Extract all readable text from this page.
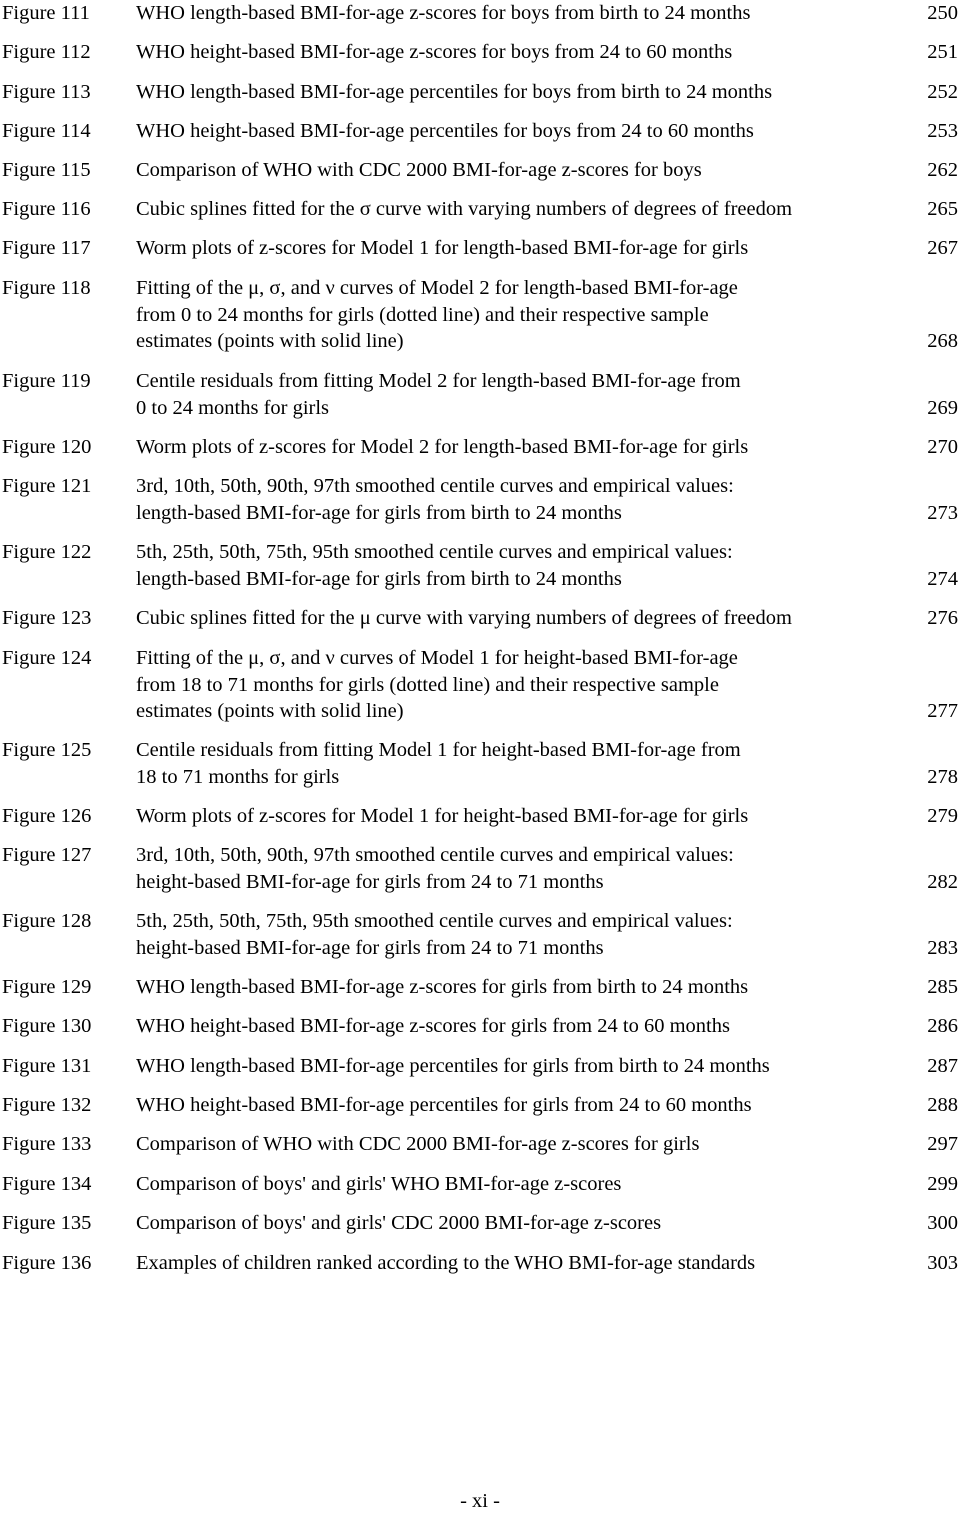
Figure 111 WHO length-based BMI-for-age z-scores for boys from birth to 24 months	250
Figure 112 WHO height-based BMI-for-age z-scores for boys from 24 to 60 months	251
Figure 113 WHO length-based BMI-for-age percentiles for boys from birth to 24 months	252
Figure 114 WHO height-based BMI-for-age percentiles for boys from 24 to 60 months	253
Figure 115 Comparison of WHO with CDC 2000 BMI-for-age z-scores for boys	262
Figure 116 Cubic splines fitted for the σ curve with varying numbers of degrees of freedom	265
Figure 117 Worm plots of z-scores for Model 1 for length-based BMI-for-age for girls	267
Figure 118 Fitting of the μ, σ, and ν curves of Model 2 for length-based BMI-for-age
from 0 to 24 months for girls (dotted line) and their respective sample
estimates (points with solid line)	268
Figure 119 Centile residuals from fitting Model 2 for length-based BMI-for-age from
0 to 24 months for girls	269
Figure 120 Worm plots of z-scores for Model 2 for length-based BMI-for-age for girls	270
Figure 121 3rd, 10th, 50th, 90th, 97th smoothed centile curves and empirical values:
length-based BMI-for-age for girls from birth to 24 months	273
Figure 122 5th, 25th, 50th, 75th, 95th smoothed centile curves and empirical values:
length-based BMI-for-age for girls from birth to 24 months	274
Figure 123 Cubic splines fitted for the μ curve with varying numbers of degrees of freedom	276
Figure 124 Fitting of the μ, σ, and ν curves of Model 1 for height-based BMI-for-age
from 18 to 71 months for girls (dotted line) and their respective sample
estimates (points with solid line)	277
Figure 125 Centile residuals from fitting Model 1 for height-based BMI-for-age from
18 to 71 months for girls	278
Figure 126 Worm plots of z-scores for Model 1 for height-based BMI-for-age for girls	279
Figure 127 3rd, 10th, 50th, 90th, 97th smoothed centile curves and empirical values:
height-based BMI-for-age for girls from 24 to 71 months	282
Figure 128 5th, 25th, 50th, 75th, 95th smoothed centile curves and empirical values:
height-based BMI-for-age for girls from 24 to 71 months	283
Figure 129 WHO length-based BMI-for-age z-scores for girls from birth to 24 months	285
Figure 130 WHO height-based BMI-for-age z-scores for girls from 24 to 60 months	286
Figure 131 WHO length-based BMI-for-age percentiles for girls from birth to 24 months	287
Figure 132 WHO height-based BMI-for-age percentiles for girls from 24 to 60 months	288
Figure 133 Comparison of WHO with CDC 2000 BMI-for-age z-scores for girls	297
Figure 134 Comparison of boys' and girls' WHO BMI-for-age z-scores	299
Figure 135 Comparison of boys' and girls' CDC 2000 BMI-for-age z-scores	300
Figure 136 Examples of children ranked according to the WHO BMI-for-age standards	303
- xi -
